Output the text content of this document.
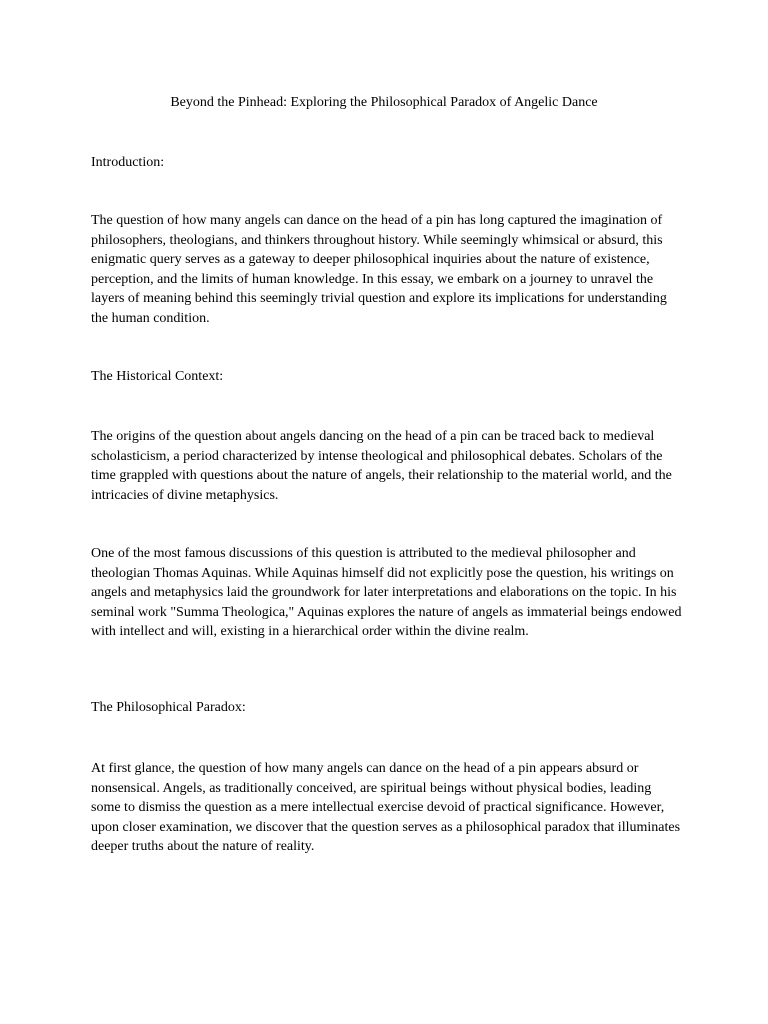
Beyond the Pinhead: Exploring the Philosophical Paradox of Angelic Dance
Introduction:

The question of how many angels can dance on the head of a pin has long captured the imagination of philosophers, theologians, and thinkers throughout history. While seemingly whimsical or absurd, this enigmatic query serves as a gateway to deeper philosophical inquiries about the nature of existence, perception, and the limits of human knowledge. In this essay, we embark on a journey to unravel the layers of meaning behind this seemingly trivial question and explore its implications for understanding the human condition.

The Historical Context:

The origins of the question about angels dancing on the head of a pin can be traced back to medieval scholasticism, a period characterized by intense theological and philosophical debates. Scholars of the time grappled with questions about the nature of angels, their relationship to the material world, and the intricacies of divine metaphysics.

One of the most famous discussions of this question is attributed to the medieval philosopher and theologian Thomas Aquinas. While Aquinas himself did not explicitly pose the question, his writings on angels and metaphysics laid the groundwork for later interpretations and elaborations on the topic. In his seminal work "Summa Theologica," Aquinas explores the nature of angels as immaterial beings endowed with intellect and will, existing in a hierarchical order within the divine realm.

The Philosophical Paradox:

At first glance, the question of how many angels can dance on the head of a pin appears absurd or nonsensical. Angels, as traditionally conceived, are spiritual beings without physical bodies, leading some to dismiss the question as a mere intellectual exercise devoid of practical significance. However, upon closer examination, we discover that the question serves as a philosophical paradox that illuminates deeper truths about the nature of reality.
